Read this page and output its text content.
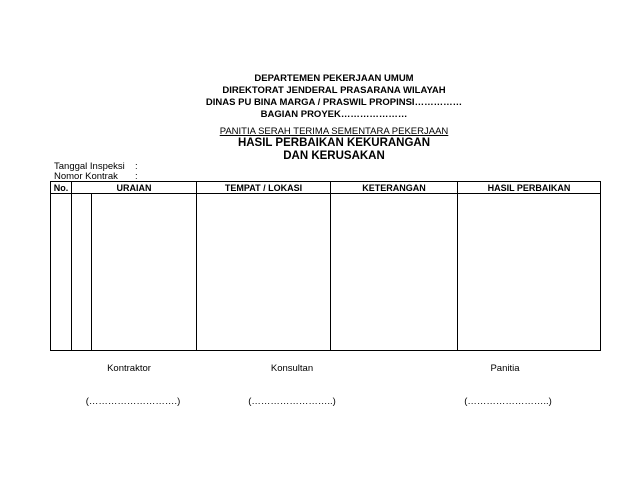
DEPARTEMEN PEKERJAAN UMUM
DIREKTORAT JENDERAL PRASARANA WILAYAH
DINAS PU BINA MARGA / PRASWIL PROPINSI……………
BAGIAN PROYEK…………………
PANITIA SERAH TERIMA SEMENTARA PEKERJAAN
HASIL PERBAIKAN KEKURANGAN
DAN KERUSAKAN
Tanggal Inspeksi :
Nomor Kontrak :
No.	URAIAN	TEMPAT / LOKASI	KETERANGAN	HASIL PERBAIKAN

Kontraktor	Konsultan	Panitia
(……………………….)	(……………………..)	(……………………..)
